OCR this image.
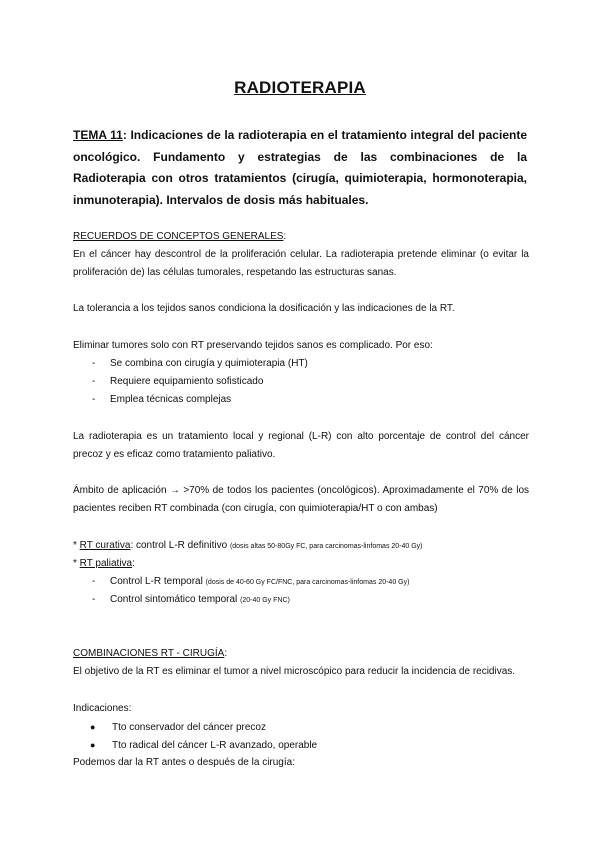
RADIOTERAPIA
TEMA 11: Indicaciones de la radioterapia en el tratamiento integral del paciente oncológico. Fundamento y estrategias de las combinaciones de la Radioterapia con otros tratamientos (cirugía, quimioterapia, hormonoterapia, inmunoterapia). Intervalos de dosis más habituales.
RECUERDOS DE CONCEPTOS GENERALES:
En el cáncer hay descontrol de la proliferación celular. La radioterapia pretende eliminar (o evitar la proliferación de) las células tumorales, respetando las estructuras sanas.
La tolerancia a los tejidos sanos condiciona la dosificación y las indicaciones de la RT.
Eliminar tumores solo con RT preservando tejidos sanos es complicado. Por eso:
- Se combina con cirugía y quimioterapia (HT)
- Requiere equipamiento sofisticado
- Emplea técnicas complejas
La radioterapia es un tratamiento local y regional (L-R) con alto porcentaje de control del cáncer precoz y es eficaz como tratamiento paliativo.
Ámbito de aplicación → >70% de todos los pacientes (oncológicos). Aproximadamente el 70% de los pacientes reciben RT combinada (con cirugía, con quimioterapia/HT o con ambas)
* RT curativa: control L-R definitivo (dosis altas 50-80Gy FC, para carcinomas-linfomas 20-40 Gy)
* RT paliativa:
- Control L-R temporal (dosis de 40-60 Gy FC/FNC, para carcinomas-linfomas 20-40 Gy)
- Control sintomático temporal (20-40 Gy FNC)
COMBINACIONES RT - CIRUGÍA:
El objetivo de la RT es eliminar el tumor a nivel microscópico para reducir la incidencia de recidivas.
Indicaciones:
● Tto conservador del cáncer precoz
● Tto radical del cáncer L-R avanzado, operable
Podemos dar la RT antes o después de la cirugía:
